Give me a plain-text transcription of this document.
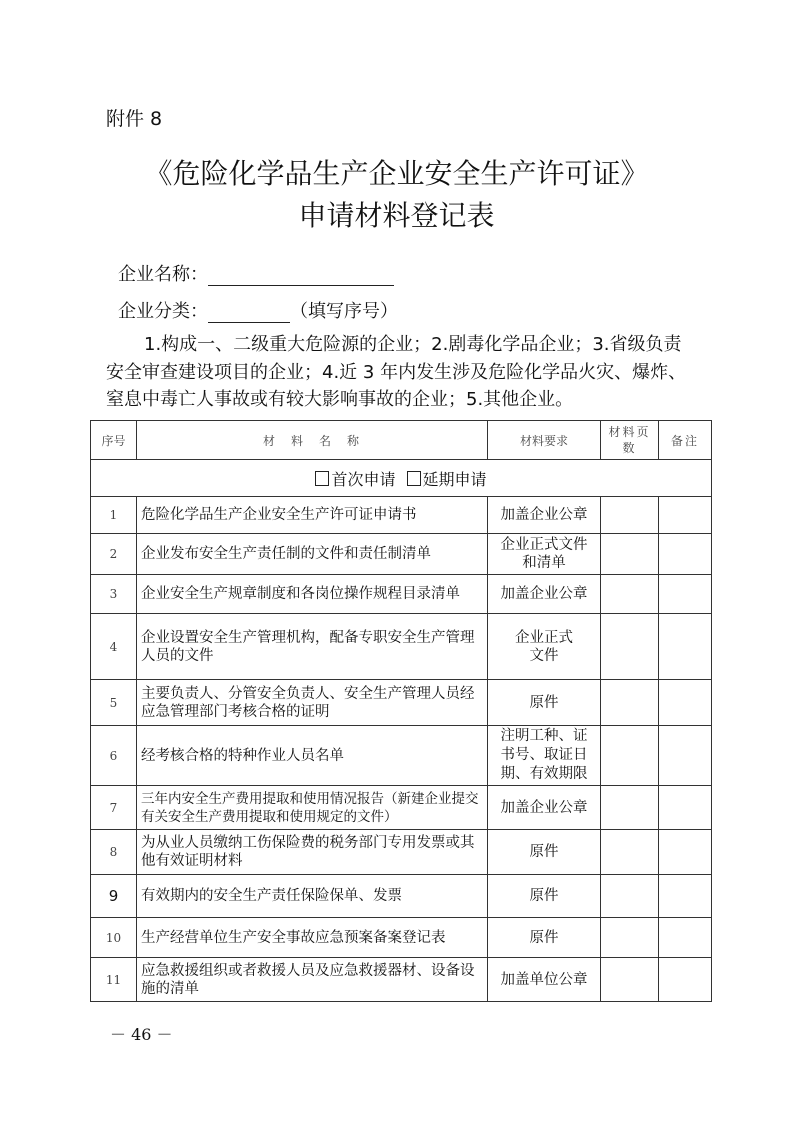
附件 8
《危险化学品生产企业安全生产许可证》
申请材料登记表
企业名称：
企业分类：	（填写序号）
1.构成一、二级重大危险源的企业；2.剧毒化学品企业；3.省级负责安全审查建设项目的企业；4.近 3 年内发生涉及危险化学品火灾、爆炸、窒息中毒亡人事故或有较大影响事故的企业；5.其他企业。
序号	材　料　名　称	材料要求	材料页数	备注
首次申请 延期申请				
1	危险化学品生产企业安全生产许可证申请书	加盖企业公章		
2	企业发布安全生产责任制的文件和责任制清单	企业正式文件和清单		
3	企业安全生产规章制度和各岗位操作规程目录清单	加盖企业公章		
4	企业设置安全生产管理机构，配备专职安全生产管理人员的文件	企业正式文件		
5	主要负责人、分管安全负责人、安全生产管理人员经应急管理部门考核合格的证明	原件		
6	经考核合格的特种作业人员名单	注明工种、证书号、取证日期、有效期限		
7	三年内安全生产费用提取和使用情况报告（新建企业提交有关安全生产费用提取和使用规定的文件）	加盖企业公章		
8	为从业人员缴纳工伤保险费的税务部门专用发票或其他有效证明材料	原件		
9	有效期内的安全生产责任保险保单、发票	原件		
10	生产经营单位生产安全事故应急预案备案登记表	原件		
11	应急救援组织或者救援人员及应急救援器材、设备设施的清单	加盖单位公章		
－ 46 －
